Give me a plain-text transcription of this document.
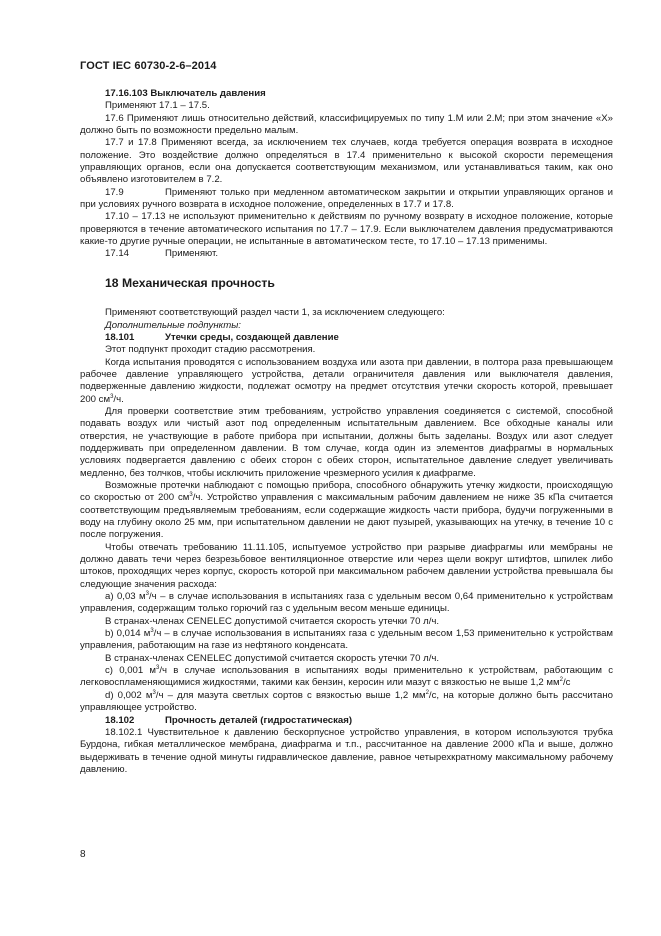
ГОСТ IEC 60730-2-6–2014

17.16.103 Выключатель давления

Применяют 17.1 – 17.5.

17.6 Применяют лишь относительно действий, классифицируемых по типу 1.М или 2.М; при этом значение «X» должно быть по возможности предельно малым.

17.7 и 17.8 Применяют всегда, за исключением тех случаев, когда требуется операция возврата в исходное положение. Это воздействие должно определяться в 17.4 применительно к высокой скорости перемещения управляющих органов, если она допускается соответствующим механизмом, или устанавливаться таким, как оно объявлено изготовителем в 7.2.

17.9	Применяют только при медленном автоматическом закрытии и открытии управляющих органов и при условиях ручного возврата в исходное положение, определенных в 17.7 и 17.8.

17.10 – 17.13 не используют применительно к действиям по ручному возврату в исходное положение, которые проверяются в течение автоматического испытания по 17.7 – 17.9. Если выключателем давления предусматриваются какие-то другие ручные операции, не испытанные в автоматическом тесте, то 17.10 – 17.13 применимы.

17.14	Применяют.

18 Механическая прочность

Применяют соответствующий раздел части 1, за исключением следующего:

Дополнительные подпункты:

18.101	Утечки среды, создающей давление

Этот подпункт проходит стадию рассмотрения.

Когда испытания проводятся с использованием воздуха или азота при давлении, в полтора раза превышающем рабочее давление управляющего устройства, детали ограничителя давления или выключателя давления, подверженные давлению жидкости, подлежат осмотру на предмет отсутствия утечки скорость которой, превышает 200 $см^3/ч$.

Для проверки соответствие этим требованиям, устройство управления соединяется с системой, способной подавать воздух или чистый азот под определенным испытательным давлением. Все обходные каналы или отверстия, не участвующие в работе прибора при испытании, должны быть заделаны. Воздух или азот следует поддерживать при определенном давлении. В том случае, когда один из элементов диафрагмы в нормальных условиях подвергается давлению с обеих сторон с обеих сторон, испытательное давление следует увеличивать медленно, без толчков, чтобы исключить приложение чрезмерного усилия к диафрагме.

Возможные протечки наблюдают с помощью прибора, способного обнаружить утечку жидкости, происходящую со скоростью от 200 $см^3/ч$. Устройство управления с максимальным рабочим давлением не ниже 35 кПа считается соответствующим предъявляемым требованиям, если содержащие жидкость части прибора, будучи погруженными в воду на глубину около 25 мм, при испытательном давлении не дают пузырей, указывающих на утечку, в течение 10 с после погружения.

Чтобы отвечать требованию 11.11.105, испытуемое устройство при разрыве диафрагмы или мембраны не должно давать течи через безрезьбовое вентиляционное отверстие или через щели вокруг штифтов, шпилек либо штоков, проходящих через корпус, скорость которой при максимальном рабочем давлении устройства превышала бы следующие значения расхода:

а) 0,03 $м^3/ч$ – в случае использования в испытаниях газа с удельным весом 0,64 применительно к устройствам управления, содержащим только горючий газ с удельным весом меньше единицы.

В странах-членах CENELEC допустимой считается скорость утечки 70 л/ч.

b) 0,014 $м^3/ч$ – в случае использования в испытаниях газа с удельным весом 1,53 применительно к устройствам управления, работающим на газе из нефтяного конденсата.

В странах-членах CENELEC допустимой считается скорость утечки 70 л/ч.

c) 0,001 $м^3/ч$ в случае использования в испытаниях воды применительно к устройствам, работающим с легковоспламеняющимися жидкостями, такими как бензин, керосин или мазут с вязкостью не выше 1,2 $мм^2/с$

d) 0,002 $м^3/ч$ – для мазута светлых сортов с вязкостью выше 1,2 $мм^2/с$, на которые должно быть рассчитано управляющее устройство.

18.102	Прочность деталей (гидростатическая)

18.102.1 Чувствительное к давлению бескорпусное устройство управления, в котором используются трубка Бурдона, гибкая металлическое мембрана, диафрагма и т.п., рассчитанное на давление 2000 кПа и выше, должно выдерживать в течение одной минуты гидравлическое давление, равное четырехкратному максимальному рабочему давлению.

8
